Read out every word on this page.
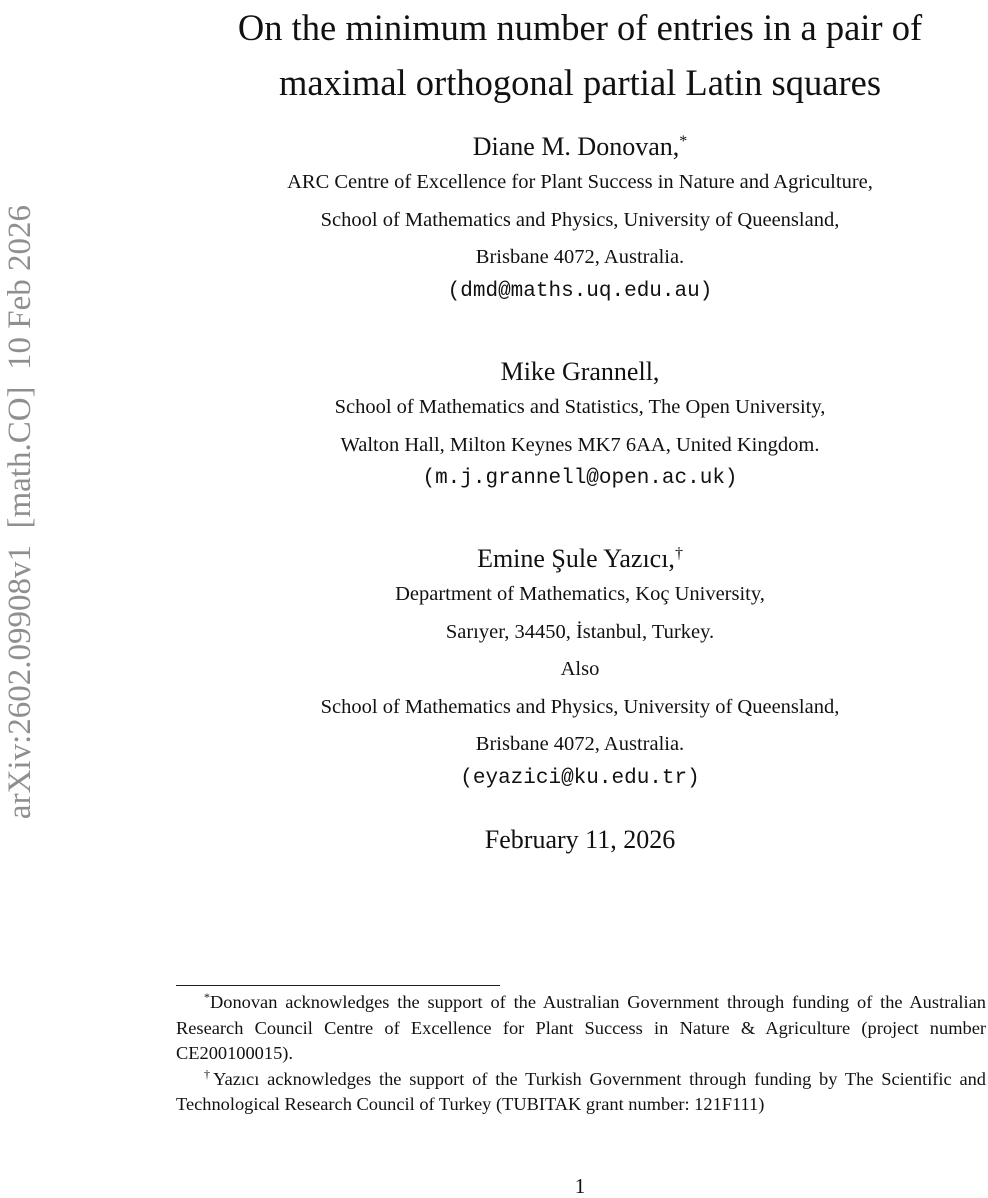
arXiv:2602.09908v1  [math.CO]  10 Feb 2026
On the minimum number of entries in a pair of
maximal orthogonal partial Latin squares
Diane M. Donovan,*
ARC Centre of Excellence for Plant Success in Nature and Agriculture,
School of Mathematics and Physics, University of Queensland,
Brisbane 4072, Australia.
(dmd@maths.uq.edu.au)
Mike Grannell,
School of Mathematics and Statistics, The Open University,
Walton Hall, Milton Keynes MK7 6AA, United Kingdom.
(m.j.grannell@open.ac.uk)
Emine Şule Yazıcı,†
Department of Mathematics, Koç University,
Sarıyer, 34450, İstanbul, Turkey.
Also
School of Mathematics and Physics, University of Queensland,
Brisbane 4072, Australia.
(eyazici@ku.edu.tr)
February 11, 2026

*Donovan acknowledges the support of the Australian Government through funding of the Australian Research Council Centre of Excellence for Plant Success in Nature & Agriculture (project number CE200100015).

†Yazıcı acknowledges the support of the Turkish Government through funding by The Scientific and Technological Research Council of Turkey (TUBITAK grant number: 121F111)

1
